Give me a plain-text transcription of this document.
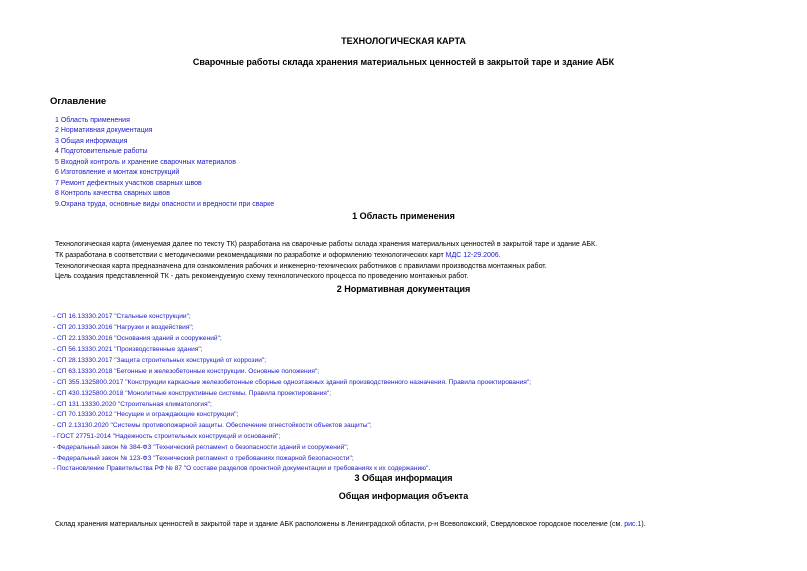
ТЕХНОЛОГИЧЕСКАЯ КАРТА
Сварочные работы склада хранения материальных ценностей в закрытой таре и здание АБК
Оглавление
1 Область применения
2 Нормативная документация
3 Общая информация
4 Подготовительные работы
5 Входной контроль и хранение сварочных материалов
6 Изготовление и монтаж конструкций
7 Ремонт дефектных участков сварных швов
8 Контроль качества сварных швов
9.Охрана труда, основные виды опасности и вредности при сварке
1 Область применения
Технологическая карта (именуемая далее по тексту ТК) разработана на сварочные работы склада хранения материальных ценностей в закрытой таре и здание АБК.
ТК разработана в соответствии с методическими рекомендациями по разработке и оформлению технологических карт МДС 12-29.2006.
Технологическая карта предназначена для ознакомления рабочих и инженерно-технических работников с правилами производства монтажных работ.
Цель создания представленной ТК - дать рекомендуемую схему технологического процесса по проведению монтажных работ.
2 Нормативная документация
- СП 16.13330.2017 "Стальные конструкции";
- СП 20.13330.2016 "Нагрузки и воздействия";
- СП 22.13330.2016 "Основания зданий и сооружений";
- СП 56.13330.2021 "Производственные здания";
- СП 28.13330.2017 "Защита строительных конструкций от коррозии";
- СП 63.13330.2018 "Бетонные и железобетонные конструкции. Основные положения";
- СП 355.1325800.2017 "Конструкции каркасные железобетонные сборные одноэтажных зданий производственного назначения. Правила проектирования";
- СП 430.1325800.2018 "Монолитные конструктивные системы. Правила проектирования";
- СП 131.13330.2020 "Строительная климатология";
- СП 70.13330.2012 "Несущие и ограждающие конструкции";
- СП 2.13130.2020 "Системы противопожарной защиты. Обеспечение огнестойкости объектов защиты";
- ГОСТ 27751-2014 "Надежность строительных конструкций и оснований";
- Федеральный закон № 384-ФЗ "Технический регламент о безопасности зданий и сооружений";
- Федеральный закон № 123-ФЗ "Технический регламент о требованиях пожарной безопасности";
- Постановление Правительства РФ № 87 "О составе разделов проектной документации и требованиях к их содержанию".
3 Общая информация
Общая информация объекта
Склад хранения материальных ценностей в закрытой таре и здание АБК расположены в Ленинградской области, р-н Всеволожский, Свердловское городское поселение (см. рис.1).
